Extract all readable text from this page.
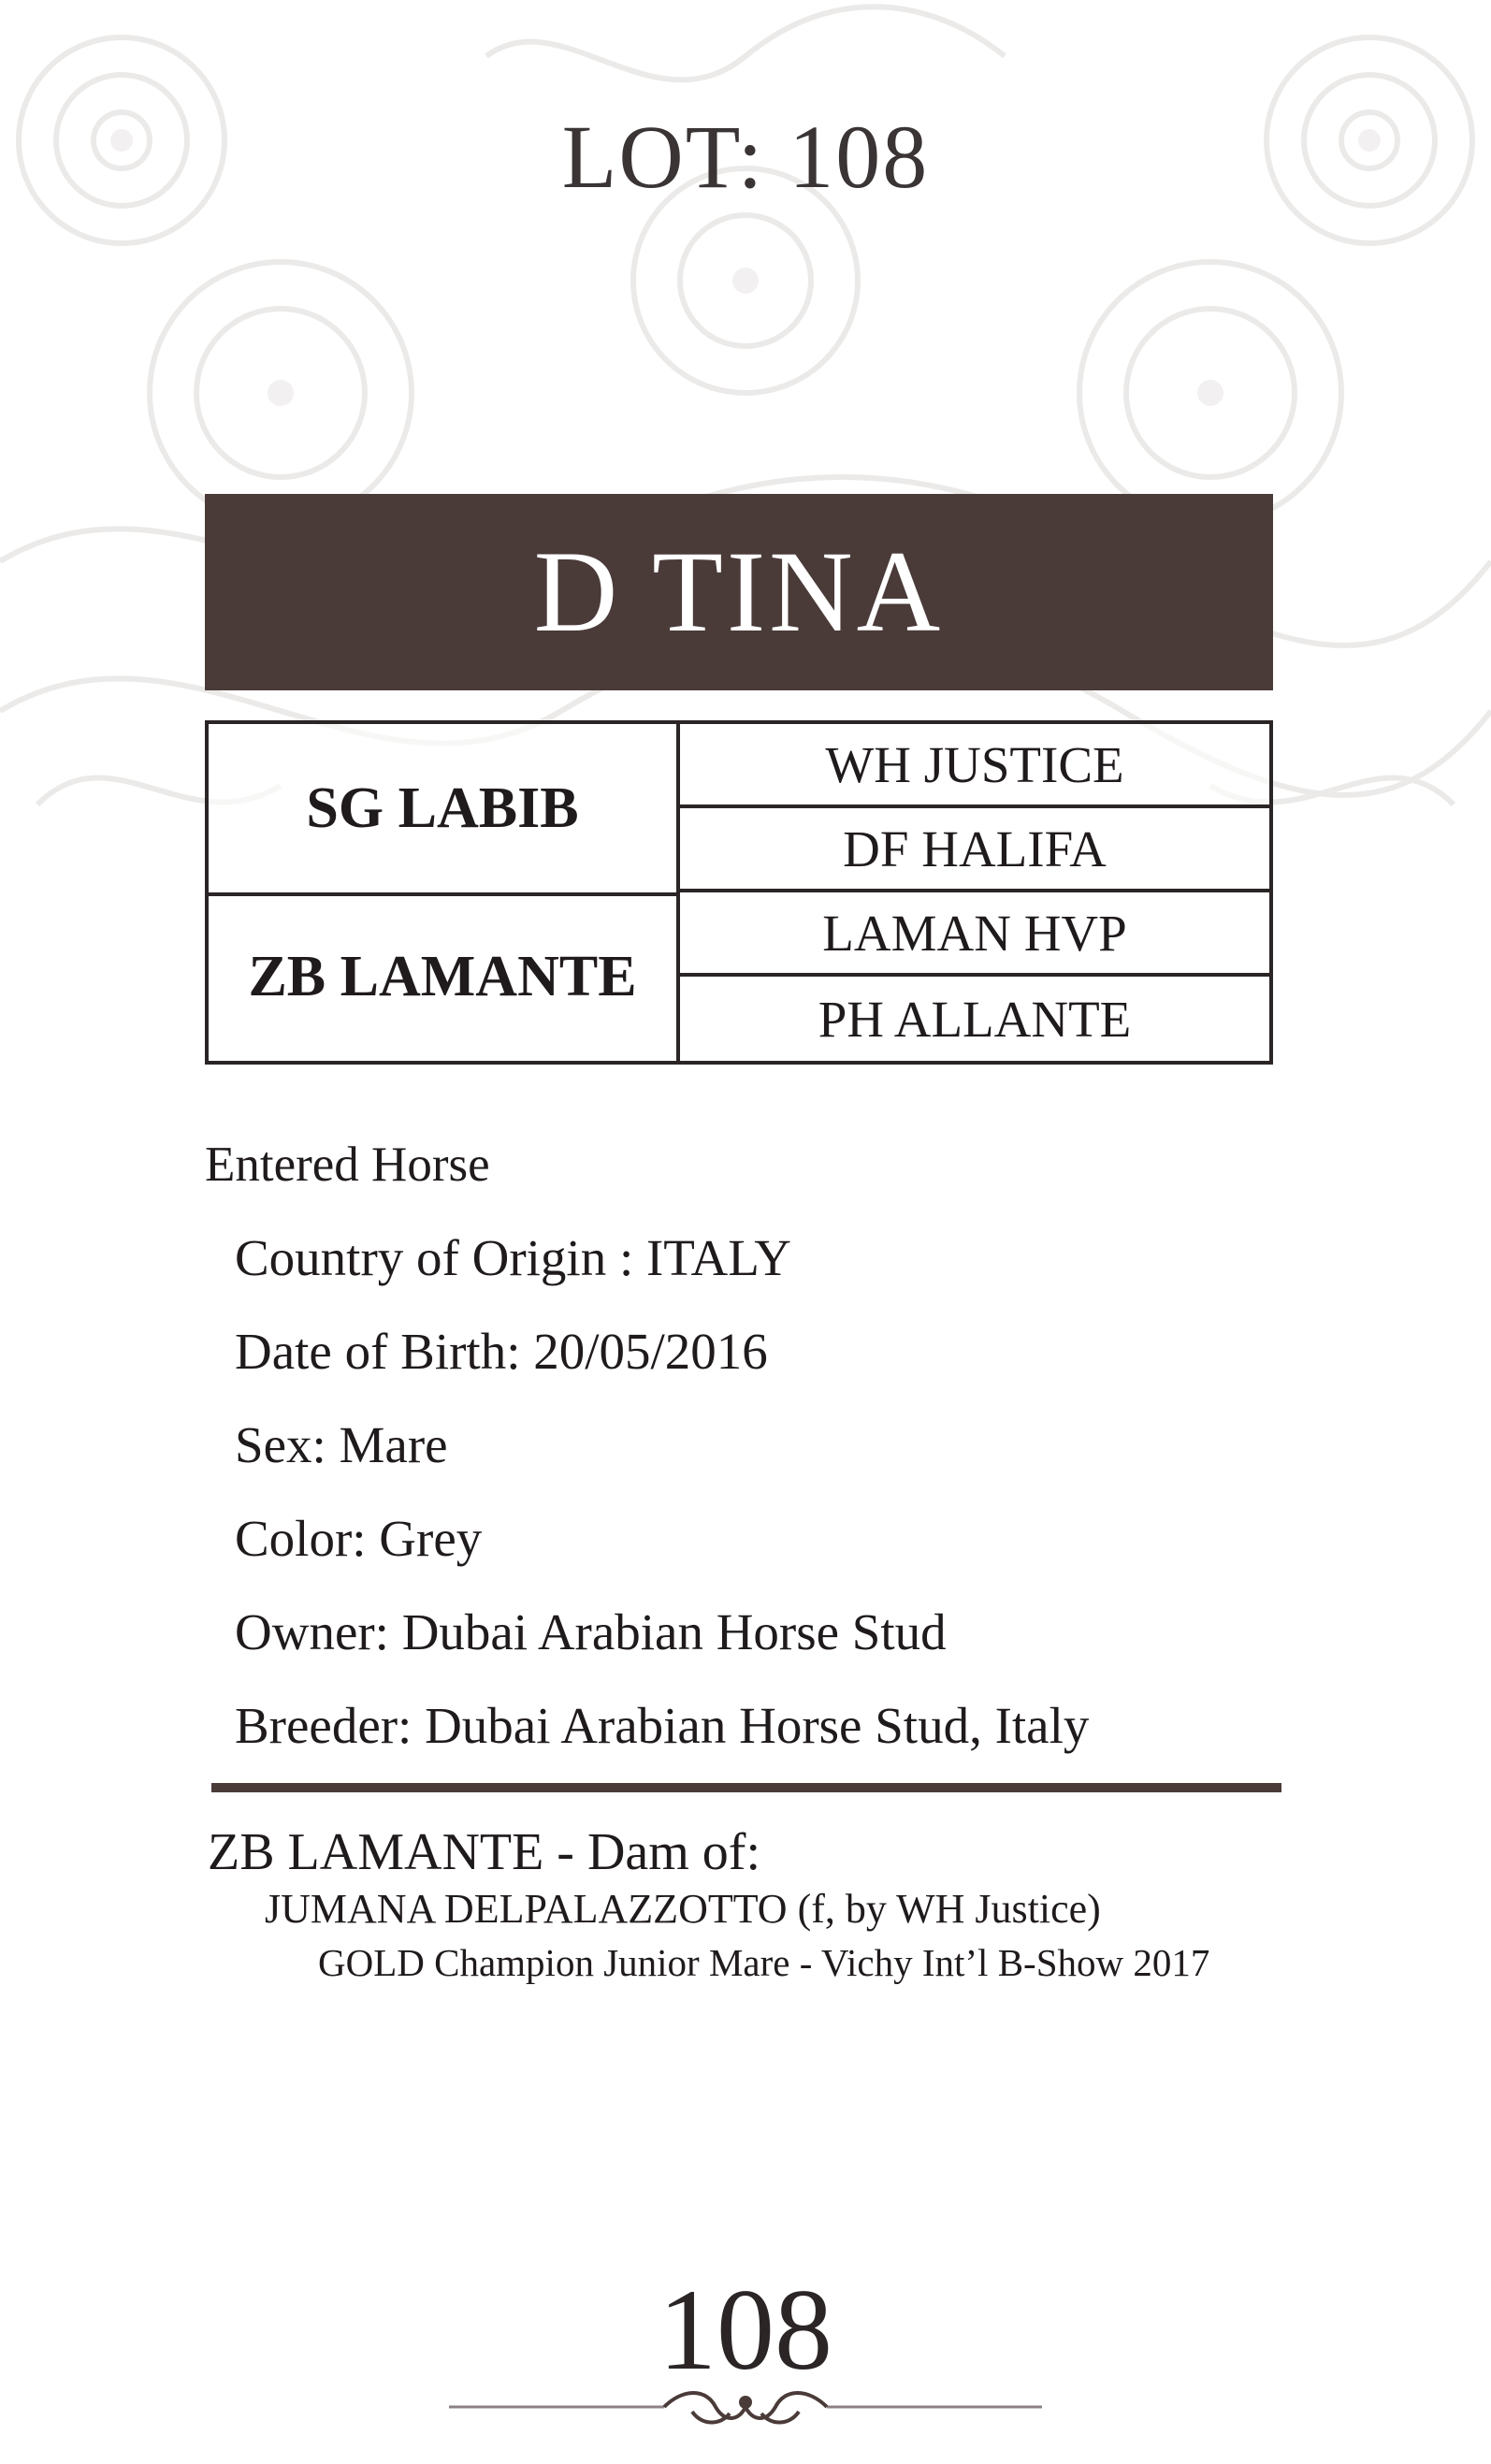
LOT: 108
D TINA
SG LABIB
ZB LAMANTE
WH JUSTICE
DF HALIFA
LAMAN HVP
PH ALLANTE
Entered Horse
Country of Origin : ITALY
Date of Birth: 20/05/2016
Sex: Mare
Color: Grey
Owner: Dubai Arabian Horse Stud
Breeder: Dubai Arabian Horse Stud, Italy
ZB LAMANTE - Dam of:
JUMANA DELPALAZZOTTO (f, by WH Justice)
GOLD Champion Junior Mare - Vichy Int’l B-Show 2017
108
